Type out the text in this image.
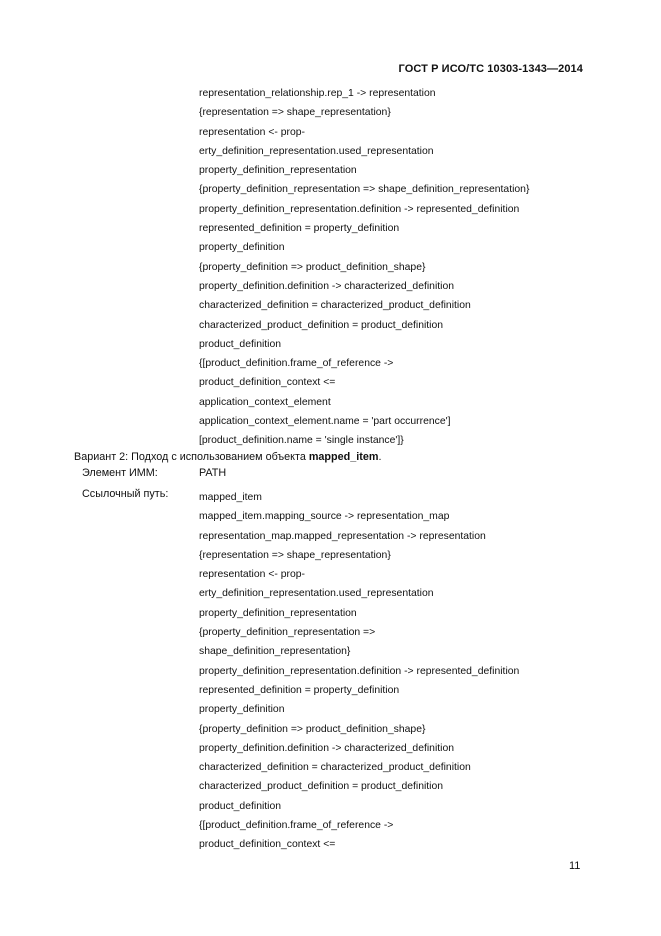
ГОСТ Р ИСО/ТС 10303-1343—2014
representation_relationship.rep_1 -> representation
{representation => shape_representation}
representation <- prop-
erty_definition_representation.used_representation
property_definition_representation
{property_definition_representation => shape_definition_representation}
property_definition_representation.definition -> represented_definition
represented_definition = property_definition
property_definition
{property_definition => product_definition_shape}
property_definition.definition -> characterized_definition
characterized_definition = characterized_product_definition
characterized_product_definition = product_definition
product_definition
{[product_definition.frame_of_reference ->
product_definition_context <=
application_context_element
application_context_element.name = 'part occurrence']
[product_definition.name = 'single instance']}
Вариант 2: Подход с использованием объекта mapped_item.
Элемент ИММ:	PATH
Ссылочный путь:	mapped_item
mapped_item.mapping_source -> representation_map
representation_map.mapped_representation -> representation
{representation => shape_representation}
representation <- prop-
erty_definition_representation.used_representation
property_definition_representation
{property_definition_representation =>
shape_definition_representation}
property_definition_representation.definition -> represented_definition
represented_definition = property_definition
property_definition
{property_definition => product_definition_shape}
property_definition.definition -> characterized_definition
characterized_definition = characterized_product_definition
characterized_product_definition = product_definition
product_definition
{[product_definition.frame_of_reference ->
product_definition_context <=
11
